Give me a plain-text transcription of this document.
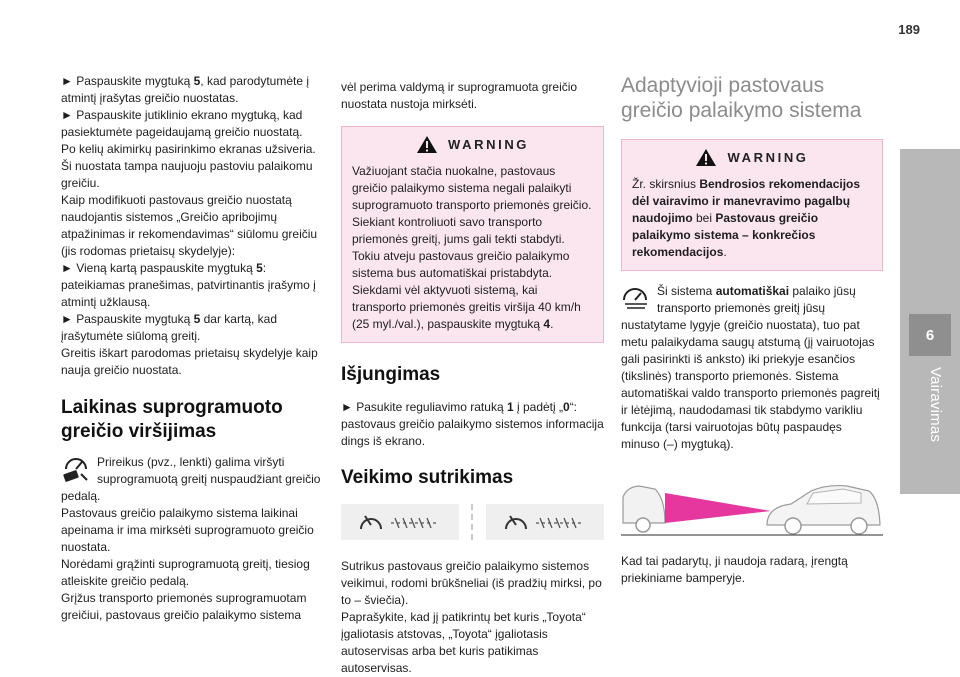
189
6
Vairavimas

► Paspauskite mygtuką 5, kad parodytumėte į atmintį įrašytas greičio nuostatas.

► Paspauskite jutiklinio ekrano mygtuką, kad pasiektumėte pageidaujamą greičio nuostatą.

Po kelių akimirkų pasirinkimo ekranas užsiveria.

Ši nuostata tampa naujuoju pastoviu palaikomu greičiu.

Kaip modifikuoti pastovaus greičio nuostatą naudojantis sistemos „Greičio apribojimų atpažinimas ir rekomendavimas“ siūlomu greičiu (jis rodomas prietaisų skydelyje):

► Vieną kartą paspauskite mygtuką 5: pateikiamas pranešimas, patvirtinantis įrašymo į atmintį užklausą.

► Paspauskite mygtuką 5 dar kartą, kad įrašytumėte siūlomą greitį.

Greitis iškart parodomas prietaisų skydelyje kaip nauja greičio nuostata.

Laikinas suprogramuoto
greičio viršijimas

Prireikus (pvz., lenkti) galima viršyti suprogramuotą greitį nuspaudžiant greičio pedalą.

Pastovaus greičio palaikymo sistema laikinai apeinama ir ima mirksėti suprogramuoto greičio nuostata.

Norėdami grąžinti suprogramuotą greitį, tiesiog atleiskite greičio pedalą.

Grįžus transporto priemonės suprogramuotam greičiui, pastovaus greičio palaikymo sistema

vėl perima valdymą ir suprogramuota greičio nuostata nustoja mirksėti.

WARNING

Važiuojant stačia nuokalne, pastovaus greičio palaikymo sistema negali palaikyti suprogramuoto transporto priemonės greičio.

Siekiant kontroliuoti savo transporto priemonės greitį, jums gali tekti stabdyti. Tokiu atveju pastovaus greičio palaikymo sistema bus automatiškai pristabdyta.

Siekdami vėl aktyvuoti sistemą, kai transporto priemonės greitis viršija 40 km/h (25 myl./val.), paspauskite mygtuką 4.

Išjungimas

► Pasukite reguliavimo ratuką 1 į padėtį „0“: pastovaus greičio palaikymo sistemos informacija dings iš ekrano.

Veikimo sutrikimas

Sutrikus pastovaus greičio palaikymo sistemos veikimui, rodomi brūkšneliai (iš pradžių mirksi, po to – šviečia).

Paprašykite, kad jį patikrintų bet kuris „Toyota“ įgaliotasis atstovas, „Toyota“ įgaliotasis autoservisas arba bet kuris patikimas autoservisas.

Adaptyvioji pastovaus
greičio palaikymo sistema
WARNING

Žr. skirsnius Bendrosios rekomendacijos dėl vairavimo ir manevravimo pagalbų naudojimo bei Pastovaus greičio palaikymo sistema – konkrečios rekomendacijos.

Ši sistema automatiškai palaiko jūsų transporto priemonės greitį jūsų nustatytame lygyje (greičio nuostata), tuo pat metu palaikydama saugų atstumą (jį vairuotojas gali pasirinkti iš anksto) iki priekyje esančios (tikslinės) transporto priemonės. Sistema automatiškai valdo transporto priemonės pagreitį ir lėtėjimą, naudodamasi tik stabdymo varikliu funkcija (tarsi vairuotojas būtų paspaudęs minuso (–) mygtuką).

Kad tai padarytų, ji naudoja radarą, įrengtą priekiniame bamperyje.
